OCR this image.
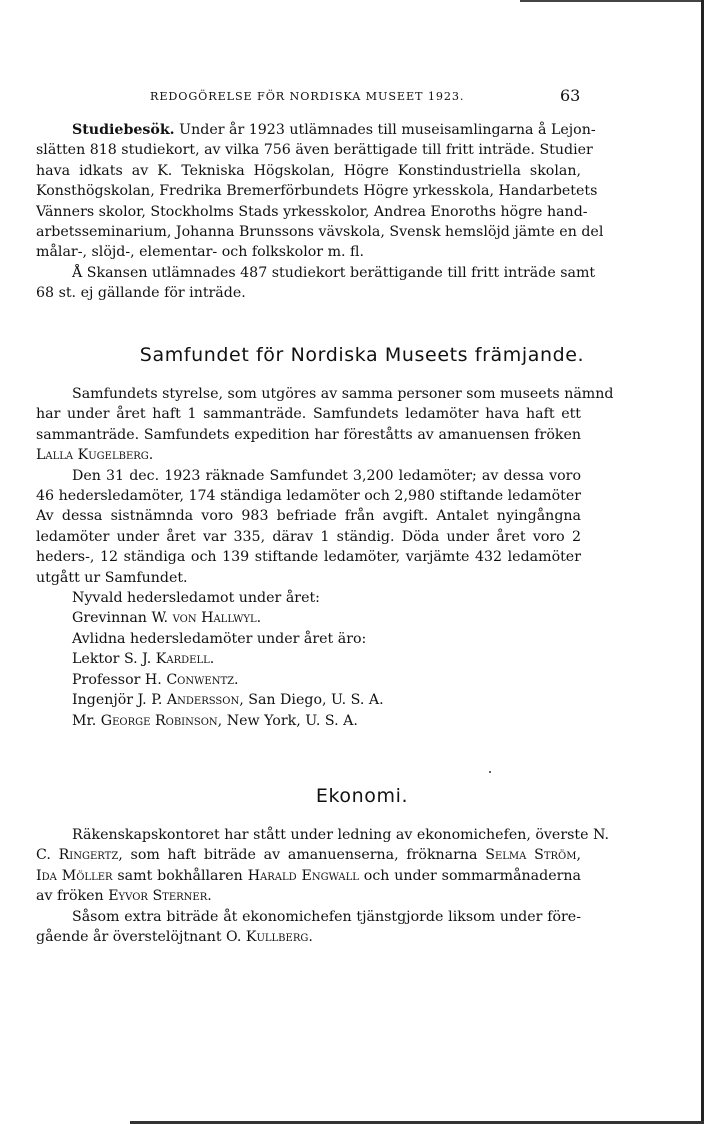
REDOGÖRELSE FÖR NORDISKA MUSEET 1923.	63
Studiebesök. Under år 1923 utlämnades till museisamlingarna å Lejon-
slätten 818 studiekort, av vilka 756 även berättigade till fritt inträde. Studier
hava idkats av K. Tekniska Högskolan, Högre Konstindustriella skolan,
Konsthögskolan, Fredrika Bremerförbundets Högre yrkesskola, Handarbetets
Vänners skolor, Stockholms Stads yrkesskolor, Andrea Enoroths högre hand-
arbetsseminarium, Johanna Brunssons vävskola, Svensk hemslöjd jämte en del
målar-, slöjd-, elementar- och folkskolor m. fl.
Å Skansen utlämnades 487 studiekort berättigande till fritt inträde samt
68 st. ej gällande för inträde.
Samfundet för Nordiska Museets främjande.
Samfundets styrelse, som utgöres av samma personer som museets nämnd
har under året haft 1 sammanträde. Samfundets ledamöter hava haft ett
sammanträde. Samfundets expedition har föreståtts av amanuensen fröken
Lalla Kugelberg.
Den 31 dec. 1923 räknade Samfundet 3,200 ledamöter; av dessa voro
46 hedersledamöter, 174 ständiga ledamöter och 2,980 stiftande ledamöter
Av dessa sistnämnda voro 983 befriade från avgift. Antalet nyingångna
ledamöter under året var 335, därav 1 ständig. Döda under året voro 2
heders-, 12 ständiga och 139 stiftande ledamöter, varjämte 432 ledamöter
utgått ur Samfundet.
Nyvald hedersledamot under året:
Grevinnan W. von Hallwyl.
Avlidna hedersledamöter under året äro:
Lektor S. J. Kardell.
Professor H. Conwentz.
Ingenjör J. P. Andersson, San Diego, U. S. A.
Mr. George Robinson, New York, U. S. A.
Ekonomi.
Räkenskapskontoret har stått under ledning av ekonomichefen, överste N.
C. Ringertz, som haft biträde av amanuenserna, fröknarna Selma Ström,
Ida Möller samt bokhållaren Harald Engwall och under sommarmånaderna
av fröken Eyvor Sterner.
Såsom extra biträde åt ekonomichefen tjänstgjorde liksom under före-
gående år överstelöjtnant O. Kullberg.
